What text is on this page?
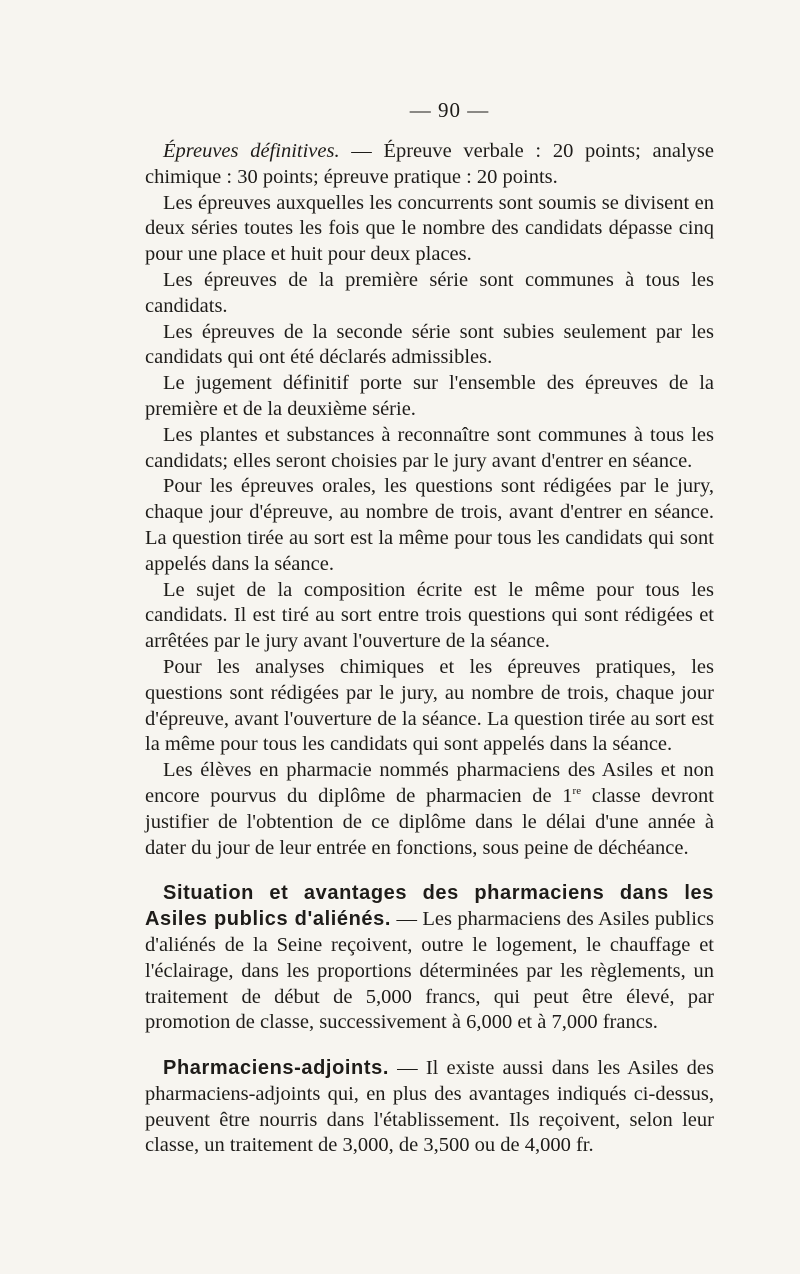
— 90 —

Épreuves définitives. — Épreuve verbale : 20 points; analyse chimique : 30 points; épreuve pratique : 20 points.

Les épreuves auxquelles les concurrents sont soumis se divisent en deux séries toutes les fois que le nombre des candidats dépasse cinq pour une place et huit pour deux places.

Les épreuves de la première série sont communes à tous les candidats.

Les épreuves de la seconde série sont subies seulement par les candidats qui ont été déclarés admissibles.

Le jugement définitif porte sur l'ensemble des épreuves de la première et de la deuxième série.

Les plantes et substances à reconnaître sont communes à tous les candidats; elles seront choisies par le jury avant d'entrer en séance.

Pour les épreuves orales, les questions sont rédigées par le jury, chaque jour d'épreuve, au nombre de trois, avant d'entrer en séance. La question tirée au sort est la même pour tous les candidats qui sont appelés dans la séance.

Le sujet de la composition écrite est le même pour tous les candidats. Il est tiré au sort entre trois questions qui sont rédigées et arrêtées par le jury avant l'ouverture de la séance.

Pour les analyses chimiques et les épreuves pratiques, les questions sont rédigées par le jury, au nombre de trois, chaque jour d'épreuve, avant l'ouverture de la séance. La question tirée au sort est la même pour tous les candidats qui sont appelés dans la séance.

Les élèves en pharmacie nommés pharmaciens des Asiles et non encore pourvus du diplôme de pharmacien de 1re classe devront justifier de l'obtention de ce diplôme dans le délai d'une année à dater du jour de leur entrée en fonctions, sous peine de déchéance.

Situation et avantages des pharmaciens dans les Asiles publics d'aliénés. — Les pharmaciens des Asiles publics d'aliénés de la Seine reçoivent, outre le logement, le chauffage et l'éclairage, dans les proportions déterminées par les règlements, un traitement de début de 5,000 francs, qui peut être élevé, par promotion de classe, successivement à 6,000 et à 7,000 francs.

Pharmaciens-adjoints. — Il existe aussi dans les Asiles des pharmaciens-adjoints qui, en plus des avantages indiqués ci-dessus, peuvent être nourris dans l'établissement. Ils reçoivent, selon leur classe, un traitement de 3,000, de 3,500 ou de 4,000 fr.
